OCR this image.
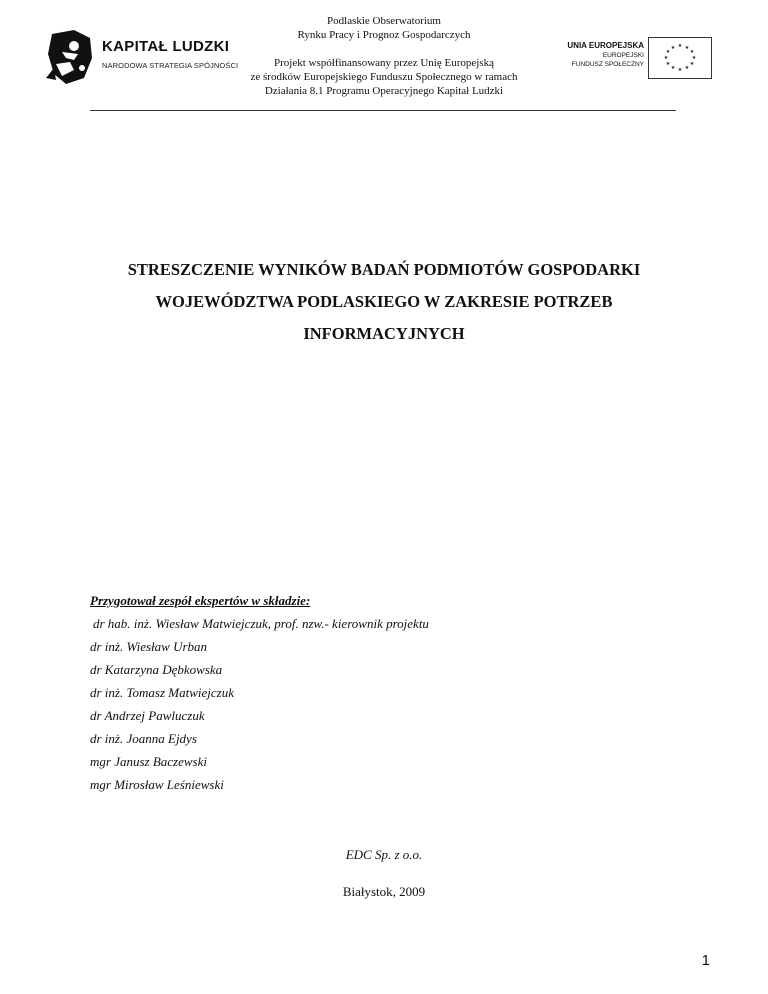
KAPITAŁ LUDZKI
NARODOWA STRATEGIA SPÓJNOŚCI
Podlaskie Obserwatorium
Rynku Pracy i Prognoz Gospodarczych
Projekt współfinansowany przez Unię Europejską
ze środków Europejskiego Funduszu Społecznego w ramach
Działania 8.1 Programu Operacyjnego Kapitał Ludzki
UNIA EUROPEJSKA
EUROPEJSKI
FUNDUSZ SPOŁECZNY
★ ★
★
★
★
★
★
★
★
★
★
★
STRESZCZENIE WYNIKÓW BADAŃ PODMIOTÓW GOSPODARKI
WOJEWÓDZTWA PODLASKIEGO W ZAKRESIE POTRZEB
INFORMACYJNYCH
Przygotował zespół ekspertów w składzie:
dr hab. inż. Wiesław Matwiejczuk, prof. nzw.- kierownik projektu
dr inż. Wiesław Urban
dr Katarzyna Dębkowska
dr inż. Tomasz Matwiejczuk
dr Andrzej Pawluczuk
dr inż. Joanna Ejdys
mgr Janusz Baczewski
mgr Mirosław Leśniewski
EDC Sp. z o.o.
Białystok, 2009
1
